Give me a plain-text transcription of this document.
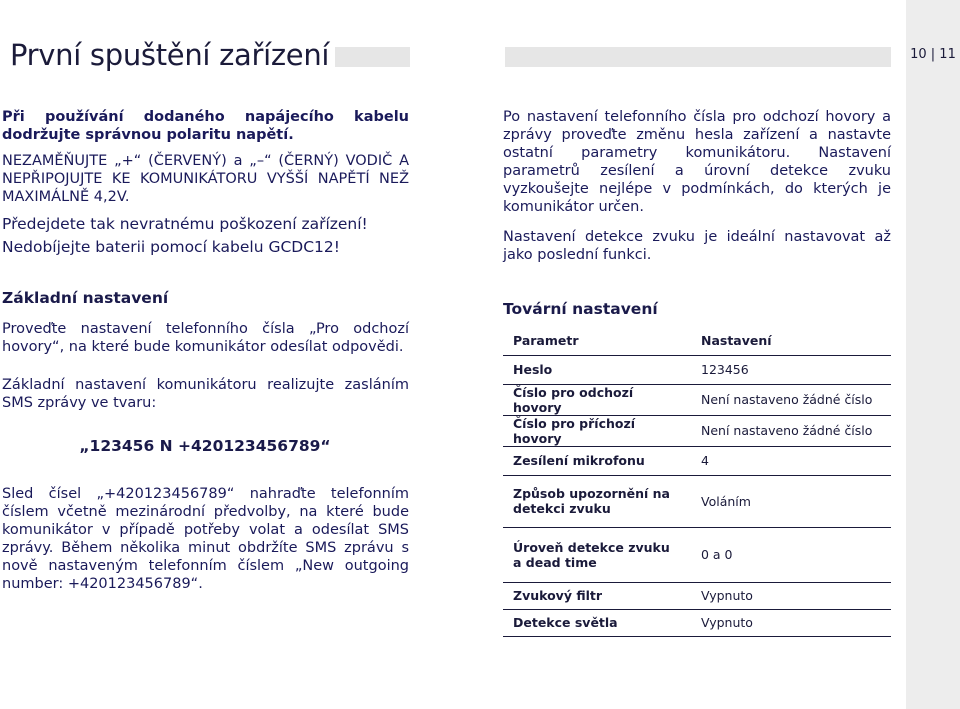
10 | 11
První spuštění zařízení
Při používání dodaného napájecího kabelu dodržujte správnou polaritu napětí.
NEZAMĚŇUJTE „+“ (ČERVENÝ) a „–“ (ČERNÝ) VODIČ A NEPŘIPOJUJTE KE KOMUNIKÁTORU VYŠŠÍ NAPĚTÍ NEŽ MAXIMÁLNĚ 4,2V.
Předejdete tak nevratnému poškození zařízení!
Nedobíjejte baterii pomocí kabelu GCDC12!
Základní nastavení
Proveďte nastavení telefonního čísla „Pro odchozí hovory“, na které bude komunikátor odesílat odpovědi.
Základní nastavení komunikátoru realizujte zasláním SMS zprávy ve tvaru:
„123456 N +420123456789“
Sled čísel „+420123456789“ nahraďte telefonním číslem včetně mezinárodní předvolby, na které bude komunikátor v případě potřeby volat a odesílat SMS zprávy. Během několika minut obdržíte SMS zprávu s nově nastaveným telefonním číslem „New outgoing number: +420123456789“.
Po nastavení telefonního čísla pro odchozí hovory a zprávy proveďte změnu hesla zařízení a nastavte ostatní parametry komunikátoru. Nastavení parametrů zesílení a úrovní detekce zvuku vyzkoušejte nejlépe v podmínkách, do kterých je komunikátor určen.
Nastavení detekce zvuku je ideální nastavovat až jako poslední funkci.
Tovární nastavení
Parametr	Nastavení
Heslo	123456
Číslo pro odchozí hovory	Není nastaveno žádné číslo
Číslo pro příchozí hovory	Není nastaveno žádné číslo
Zesílení mikrofonu	4
Způsob upozornění na detekci zvuku	Voláním
Úroveň detekce zvuku a dead time	0 a 0
Zvukový filtr	Vypnuto
Detekce světla	Vypnuto
